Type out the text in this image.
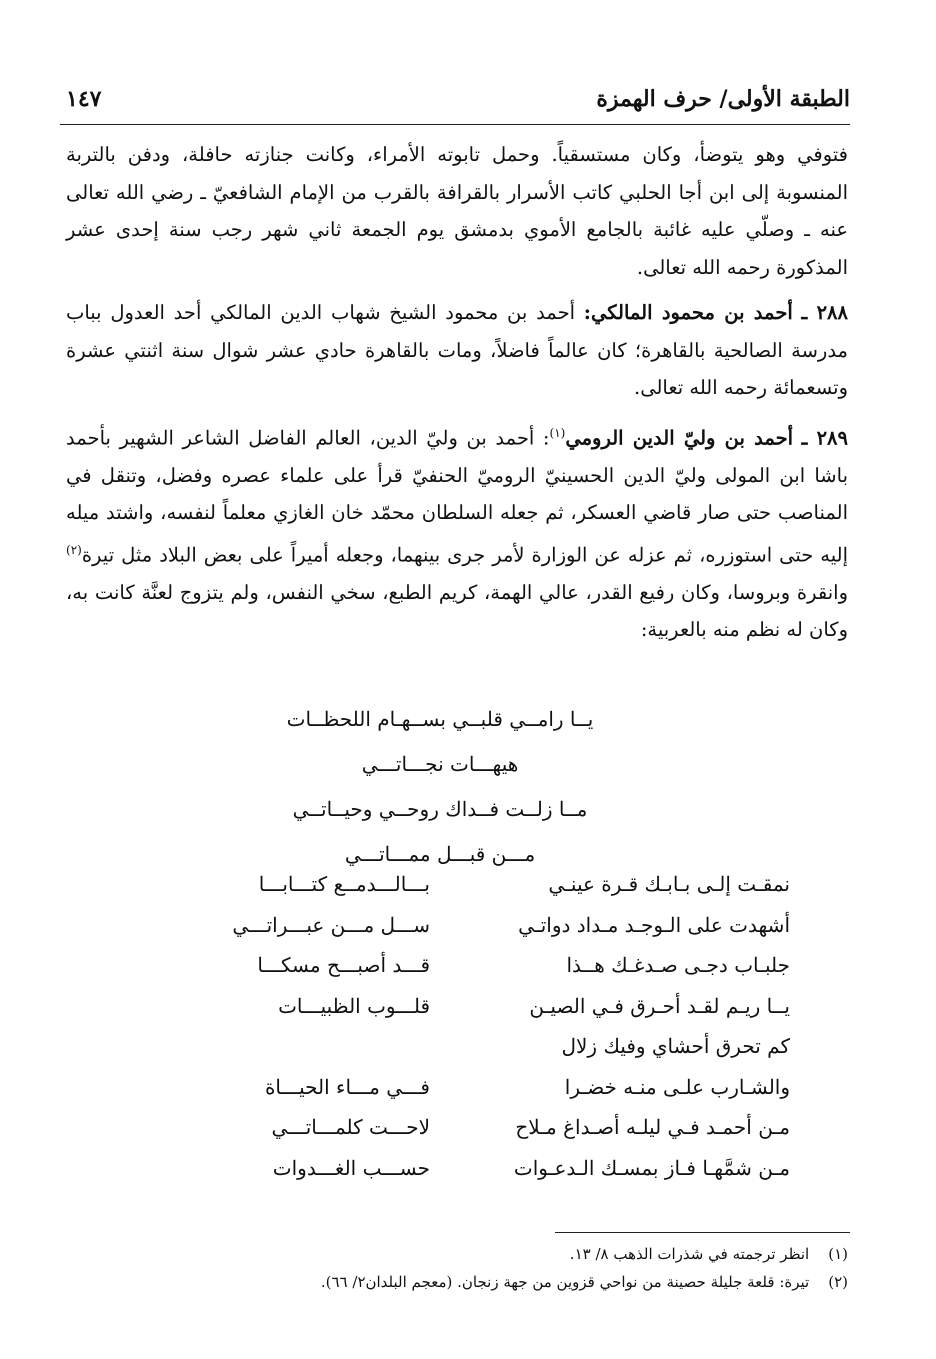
الطبقة الأولى/ حرف الهمزة
١٤٧

فتوفي وهو يتوضأ، وكان مستسقياً. وحمل تابوته الأمراء، وكانت جنازته حافلة، ودفن بالتربة المنسوبة إلى ابن أجا الحلبي كاتب الأسرار بالقرافة بالقرب من الإمام الشافعيّ ـ رضي الله تعالى عنه ـ وصلّي عليه غائبة بالجامع الأموي بدمشق يوم الجمعة ثاني شهر رجب سنة إحدى عشر المذكورة رحمه الله تعالى.

٢٨٨ ـ أحمد بن محمود المالكي: أحمد بن محمود الشيخ شهاب الدين المالكي أحد العدول بباب مدرسة الصالحية بالقاهرة؛ كان عالماً فاضلاً، ومات بالقاهرة حادي عشر شوال سنة اثنتي عشرة وتسعمائة رحمه الله تعالى.

٢٨٩ ـ أحمد بن وليّ الدين الرومي$^{(١)}$: أحمد بن وليّ الدين، العالم الفاضل الشاعر الشهير بأحمد باشا ابن المولى وليّ الدين الحسينيّ الروميّ الحنفيّ قرأ على علماء عصره وفضل، وتنقل في المناصب حتى صار قاضي العسكر، ثم جعله السلطان محمّد خان الغازي معلماً لنفسه، واشتد ميله إليه حتى استوزره، ثم عزله عن الوزارة لأمر جرى بينهما، وجعله أميراً على بعض البلاد مثل تيرة$^{(٢)}$ وانقرة وبروسا، وكان رفيع القدر، عالي الهمة، كريم الطبع، سخي النفس، ولم يتزوج لعنَّة كانت به، وكان له نظم منه بالعربية:

يــا رامــي قلبــي بســهـام اللحظــات
هيهـــات نجـــاتـــي
مــا زلــت فــداك روحــي وحيــاتــي
مـــن قبـــل ممـــاتـــي
نمقـت إلـى بـابـك قـرة عينـي
بـــالـــدمــع كتـــابـــا
أشهدت على الـوجـد مـداد دواتـي
ســـل مـــن عبـــراتـــي
جلبـاب دجـى صـدغـك هــذا
قـــد أصبـــح مسكـــا
يــا ريـم لقـد أحـرق فـي الصيـن
قلـــوب الظبيـــات
كم تحرق أحشاي وفيك زلال
والشـارب علـى منـه خضـرا
فـــي مـــاء الحيـــاة
مـن أحمـد فـي ليلـه أصـداغ مـلاح
لاحـــت كلمـــاتـــي
مـن شمَّهـا فـاز بمسـك الـدعـوات
حســـب الغـــدوات
(١) انظر ترجمته في شذرات الذهب ٨/ ١٣.
(٢) تيرة: قلعة جليلة حصينة من نواحي قزوين من جهة زنجان. (معجم البلدان٢/ ٦٦).
